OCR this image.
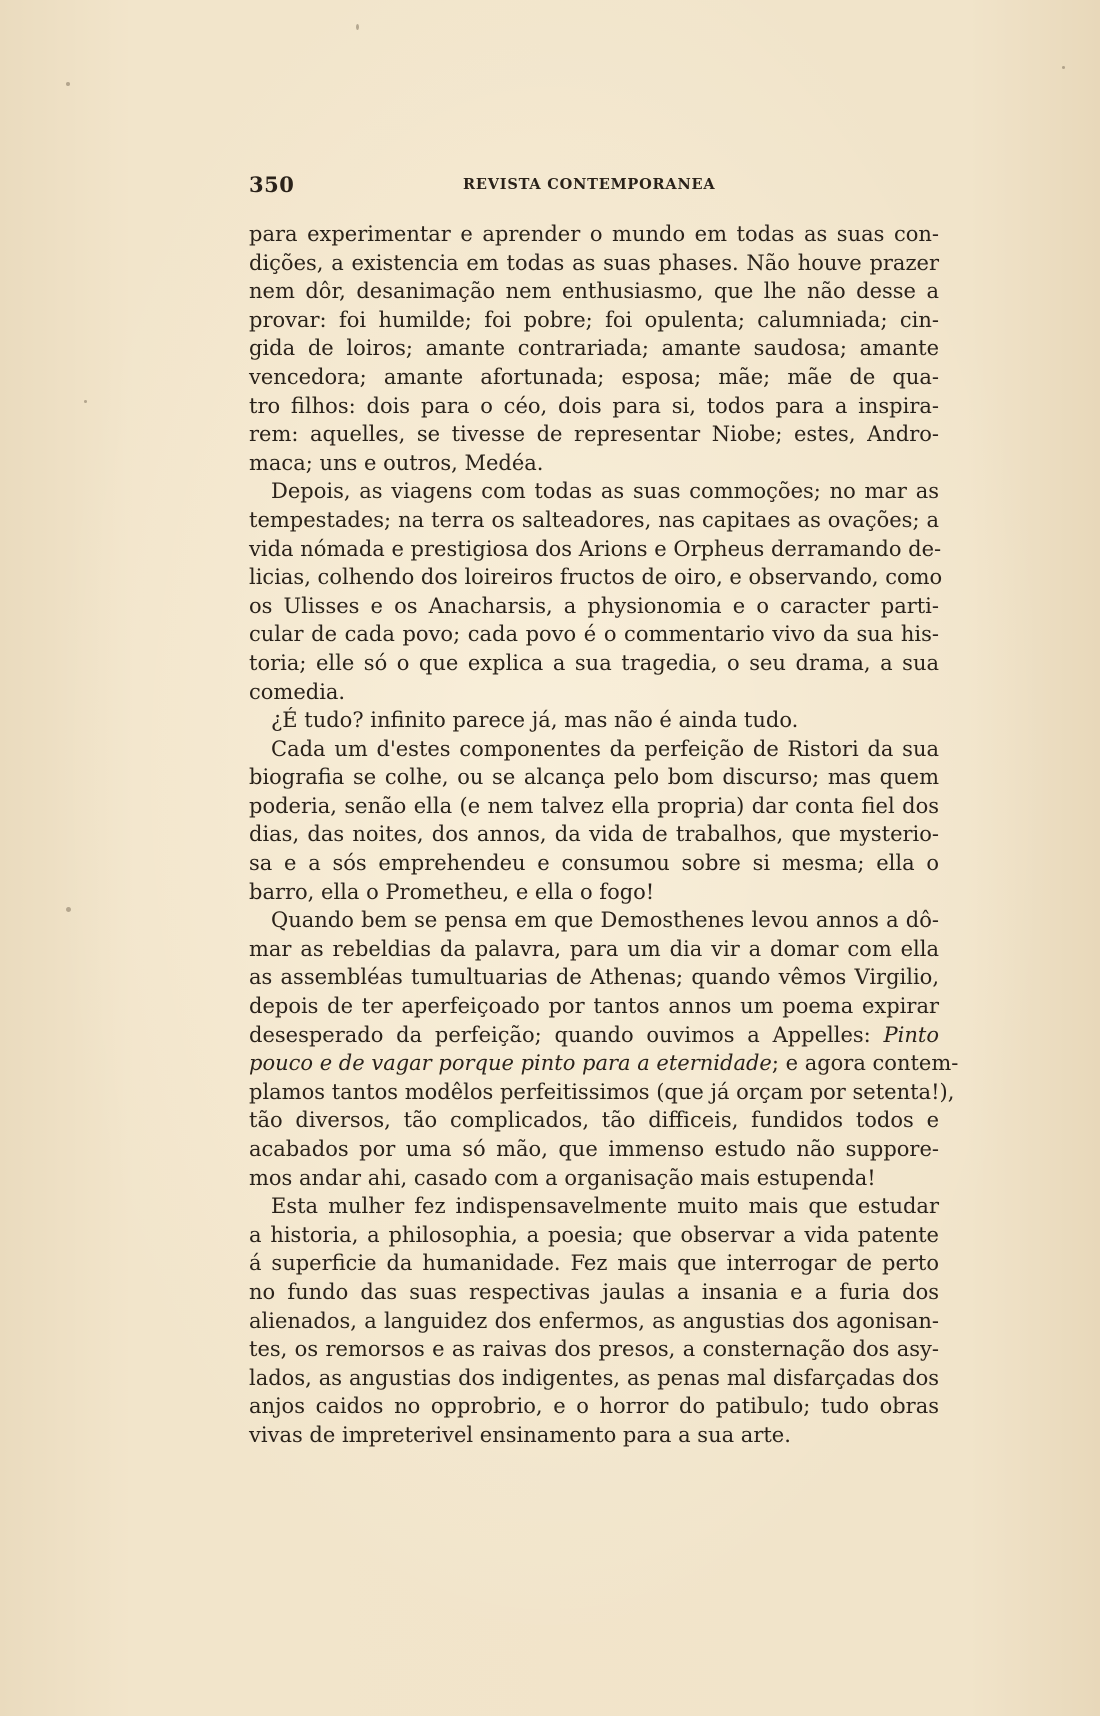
350	REVISTA CONTEMPORANEA
para experimentar e aprender o mundo em todas as suas con-
dições, a existencia em todas as suas phases. Não houve prazer
nem dôr, desanimação nem enthusiasmo, que lhe não desse a
provar: foi humilde; foi pobre; foi opulenta; calumniada; cin-
gida de loiros; amante contrariada; amante saudosa; amante
vencedora; amante afortunada; esposa; mãe; mãe de qua-
tro filhos: dois para o céo, dois para si, todos para a inspira-
rem: aquelles, se tivesse de representar Niobe; estes, Andro-
maca; uns e outros, Medéa.
Depois, as viagens com todas as suas commoções; no mar as
tempestades; na terra os salteadores, nas capitaes as ovações; a
vida nómada e prestigiosa dos Arions e Orpheus derramando de-
licias, colhendo dos loireiros fructos de oiro, e observando, como
os Ulisses e os Anacharsis, a physionomia e o caracter parti-
cular de cada povo; cada povo é o commentario vivo da sua his-
toria; elle só o que explica a sua tragedia, o seu drama, a sua
comedia.
¿É tudo? infinito parece já, mas não é ainda tudo.
Cada um d'estes componentes da perfeição de Ristori da sua
biografia se colhe, ou se alcança pelo bom discurso; mas quem
poderia, senão ella (e nem talvez ella propria) dar conta fiel dos
dias, das noites, dos annos, da vida de trabalhos, que mysterio-
sa e a sós emprehendeu e consumou sobre si mesma; ella o
barro, ella o Prometheu, e ella o fogo!
Quando bem se pensa em que Demosthenes levou annos a dô-
mar as rebeldias da palavra, para um dia vir a domar com ella
as assembléas tumultuarias de Athenas; quando vêmos Virgilio,
depois de ter aperfeiçoado por tantos annos um poema expirar
desesperado da perfeição; quando ouvimos a Appelles: Pinto
pouco e de vagar porque pinto para a eternidade; e agora contem-
plamos tantos modêlos perfeitissimos (que já orçam por setenta!),
tão diversos, tão complicados, tão difficeis, fundidos todos e
acabados por uma só mão, que immenso estudo não suppore-
mos andar ahi, casado com a organisação mais estupenda!
Esta mulher fez indispensavelmente muito mais que estudar
a historia, a philosophia, a poesia; que observar a vida patente
á superficie da humanidade. Fez mais que interrogar de perto
no fundo das suas respectivas jaulas a insania e a furia dos
alienados, a languidez dos enfermos, as angustias dos agonisan-
tes, os remorsos e as raivas dos presos, a consternação dos asy-
lados, as angustias dos indigentes, as penas mal disfarçadas dos
anjos caidos no opprobrio, e o horror do patibulo; tudo obras
vivas de impreterivel ensinamento para a sua arte.
